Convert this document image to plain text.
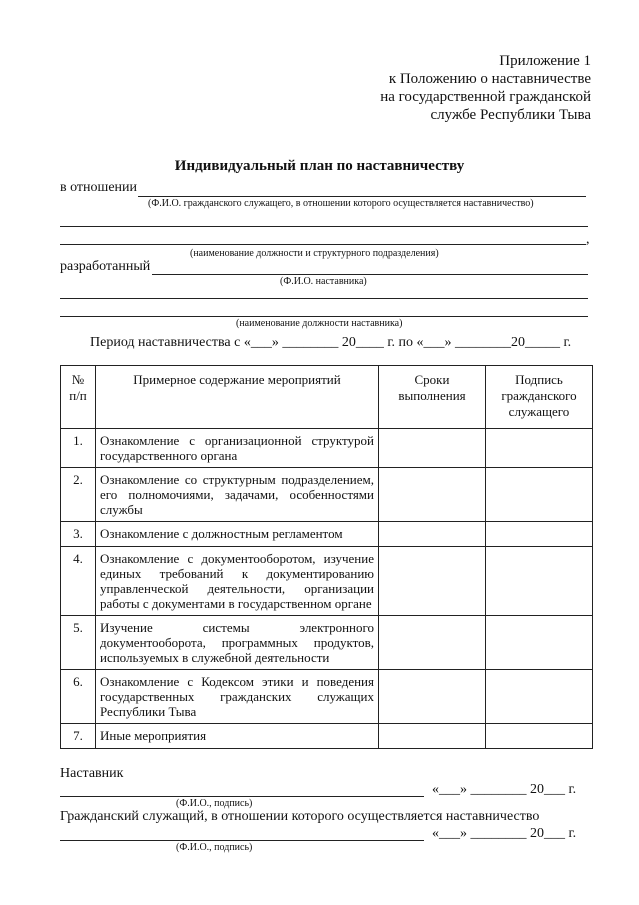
Приложение 1
к Положению о наставничестве
на государственной гражданской
службе Республики Тыва
Индивидуальный план по наставничеству
в отношении
(Ф.И.О. гражданского служащего, в отношении которого осуществляется наставничество)
,
(наименование должности и структурного подразделения)
разработанный
(Ф.И.О. наставника)
(наименование должности наставника)
Период наставничества с «___» ________ 20____ г. по «___» ________20_____ г.
№ п/п	Примерное содержание мероприятий	Сроки выполнения	Подпись гражданского служащего
1.	Ознакомление с организационной структурой государственного органа		
2.	Ознакомление со структурным подразделением, его полномочиями, задачами, особенностями службы		
3.	Ознакомление с должностным регламентом		
4.	Ознакомление с документооборотом, изучение единых требований к документированию управленческой деятельности, организации работы с документами в государственном органе		
5.	Изучение системы электронного документооборота, программных продуктов, используемых в служебной деятельности		
6.	Ознакомление с Кодексом этики и поведения государственных гражданских служащих Республики Тыва		
7.	Иные мероприятия		
Наставник
«___» ________ 20___ г.
(Ф.И.О., подпись)
Гражданский служащий, в отношении которого осуществляется наставничество
«___» ________ 20___ г.
(Ф.И.О., подпись)
